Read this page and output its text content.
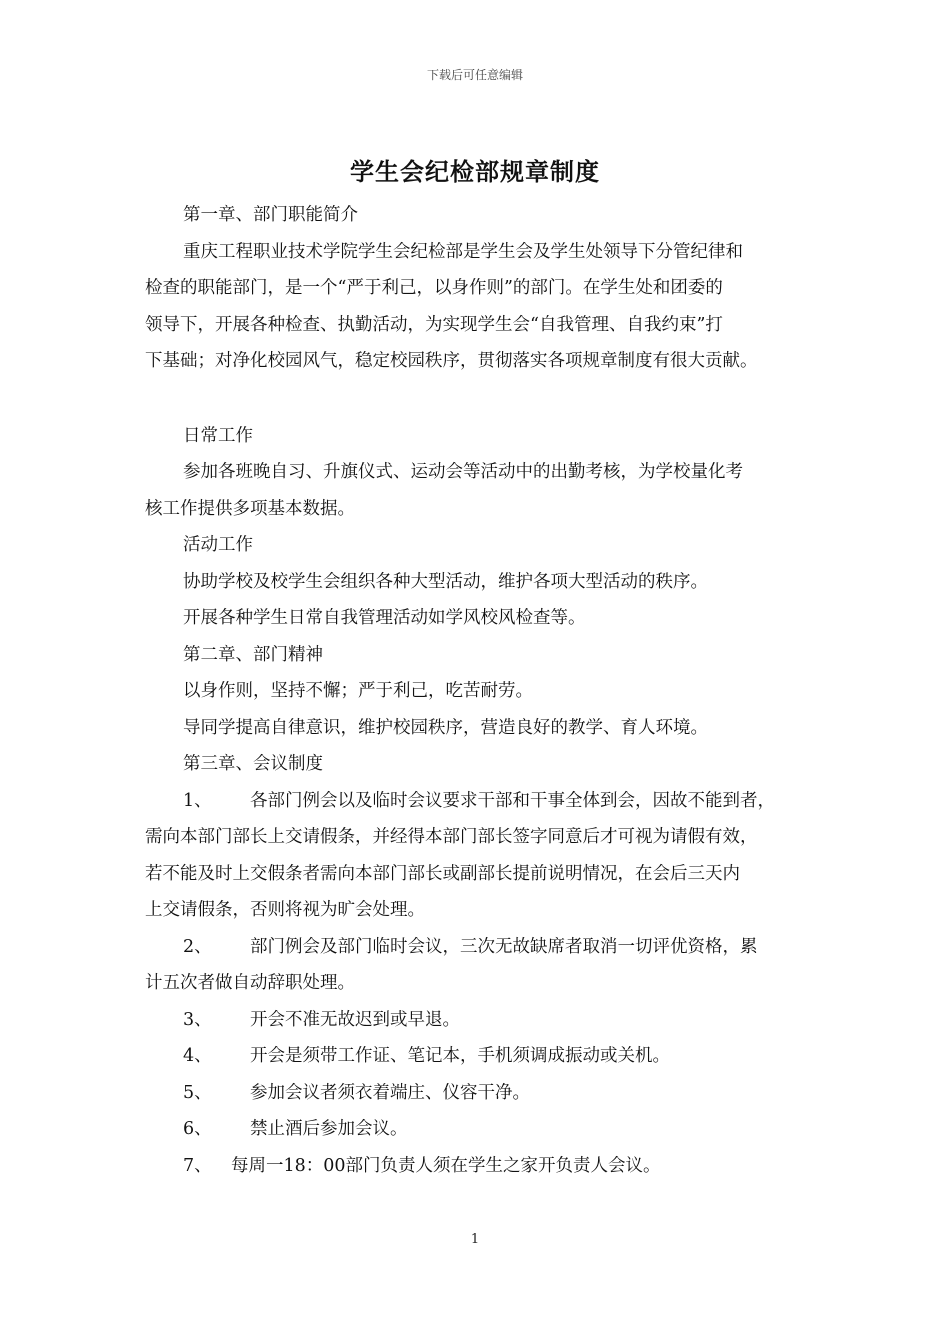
下载后可任意编辑
学生会纪检部规章制度
第一章、部门职能简介
重庆工程职业技术学院学生会纪检部是学生会及学生处领导下分管纪律和
检查的职能部门，是一个“严于利己，以身作则”的部门。在学生处和团委的
领导下，开展各种检查、执勤活动，为实现学生会“自我管理、自我约束”打
下基础；对净化校园风气，稳定校园秩序，贯彻落实各项规章制度有很大贡献。
日常工作
参加各班晚自习、升旗仪式、运动会等活动中的出勤考核，为学校量化考
核工作提供多项基本数据。
活动工作
协助学校及校学生会组织各种大型活动，维护各项大型活动的秩序。
开展各种学生日常自我管理活动如学风校风检查等。
第二章、部门精神
以身作则，坚持不懈；严于利己，吃苦耐劳。
导同学提高自律意识，维护校园秩序，营造良好的教学、育人环境。
第三章、会议制度
1、 各部门例会以及临时会议要求干部和干事全体到会，因故不能到者，
需向本部门部长上交请假条，并经得本部门部长签字同意后才可视为请假有效，
若不能及时上交假条者需向本部门部长或副部长提前说明情况，在会后三天内
上交请假条，否则将视为旷会处理。
2、 部门例会及部门临时会议，三次无故缺席者取消一切评优资格，累
计五次者做自动辞职处理。
3、 开会不准无故迟到或早退。
4、 开会是须带工作证、笔记本，手机须调成振动或关机。
5、 参加会议者须衣着端庄、仪容干净。
6、 禁止酒后参加会议。
7、 每周一18：00部门负责人须在学生之家开负责人会议。
1
